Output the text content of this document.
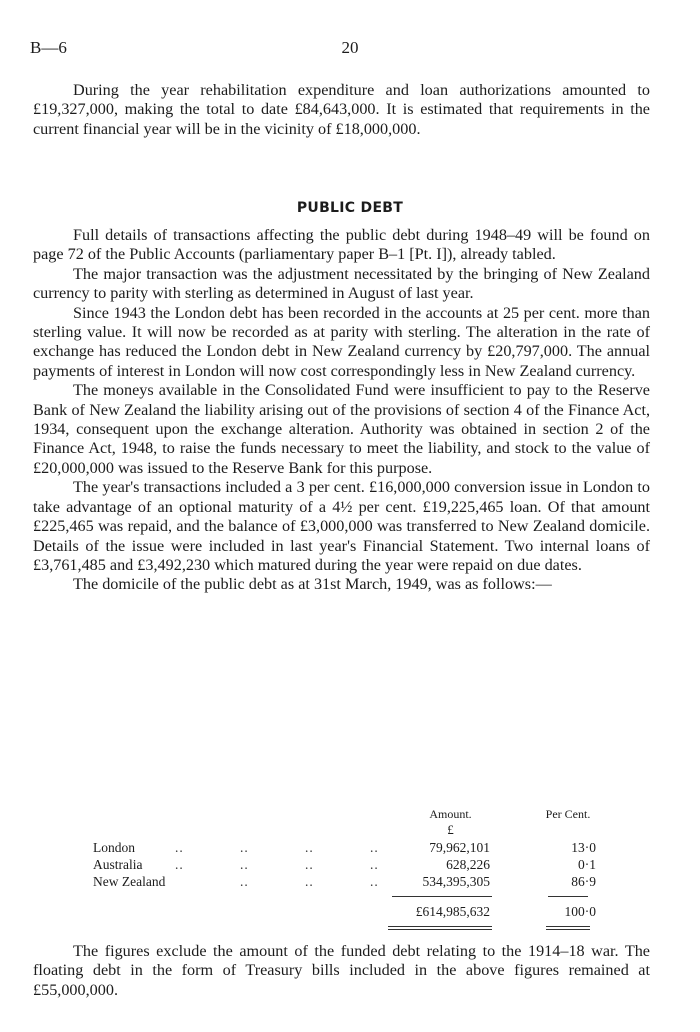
B—6	20

During the year rehabilitation expenditure and loan authorizations amounted to £19,327,000, making the total to date £84,643,000. It is estimated that requirements in the current financial year will be in the vicinity of £18,000,000.

PUBLIC DEBT

Full details of transactions affecting the public debt during 1948–49 will be found on page 72 of the Public Accounts (parliamentary paper B–1 [Pt. I]), already tabled.

The major transaction was the adjustment necessitated by the bringing of New Zealand currency to parity with sterling as determined in August of last year.

Since 1943 the London debt has been recorded in the accounts at 25 per cent. more than sterling value. It will now be recorded as at parity with sterling. The alteration in the rate of exchange has reduced the London debt in New Zealand currency by £20,797,000. The annual payments of interest in London will now cost correspondingly less in New Zealand currency.

The moneys available in the Consolidated Fund were insufficient to pay to the Reserve Bank of New Zealand the liability arising out of the provisions of section 4 of the Finance Act, 1934, consequent upon the exchange alteration. Authority was obtained in section 2 of the Finance Act, 1948, to raise the funds necessary to meet the liability, and stock to the value of £20,000,000 was issued to the Reserve Bank for this purpose.

The year's transactions included a 3 per cent. £16,000,000 conversion issue in London to take advantage of an optional maturity of a 4½ per cent. £19,225,465 loan. Of that amount £225,465 was repaid, and the balance of £3,000,000 was transferred to New Zealand domicile. Details of the issue were included in last year's Financial Statement. Two internal loans of £3,761,485 and £3,492,230 which matured during the year were repaid on due dates.

The domicile of the public debt as at 31st March, 1949, was as follows:—

Amount.	Per Cent.
£
London	..	..	..	..	79,962,101	13·0
Australia ..	..	..	..	628,226	0·1
New Zealand	..	..	..	534,395,305	86·9
£614,985,632	100·0

The figures exclude the amount of the funded debt relating to the 1914–18 war. The floating debt in the form of Treasury bills included in the above figures remained at £55,000,000.
